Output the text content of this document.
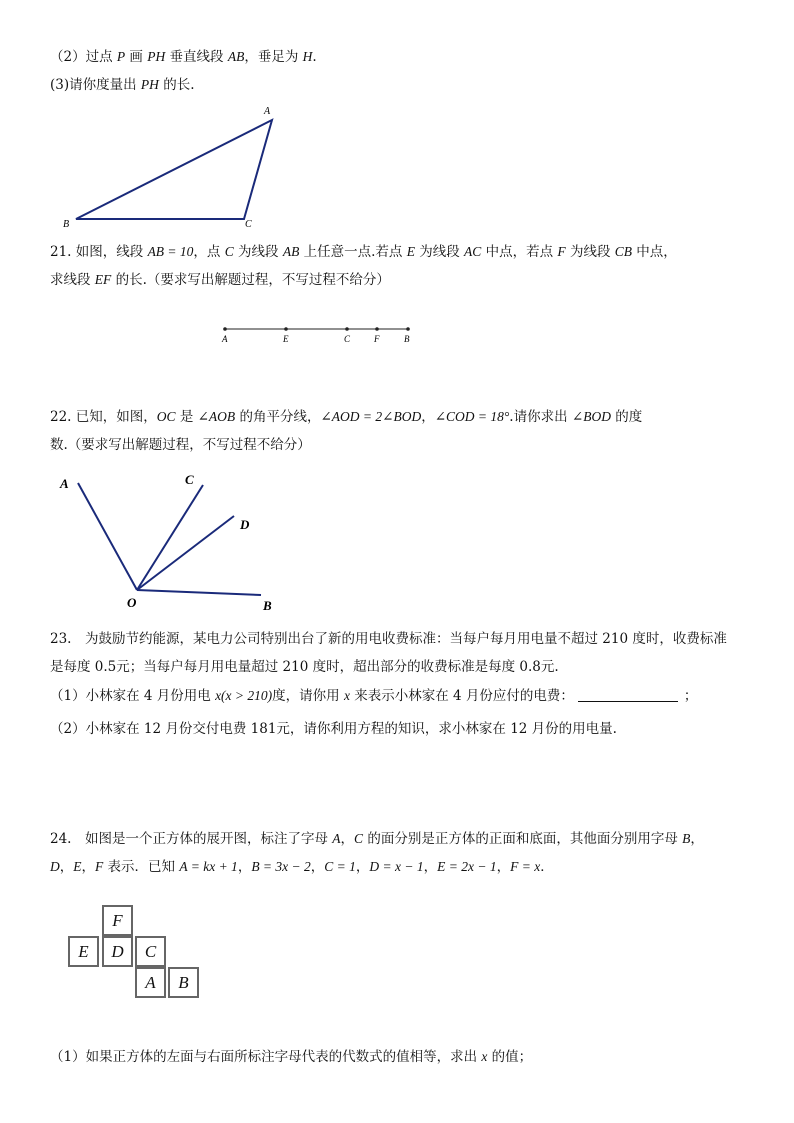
（2）过点 P 画 PH 垂直线段 AB，垂足为 H.
(3)请你度量出 PH 的长.
A
B	C
21. 如图，线段 AB = 10，点 C 为线段 AB 上任意一点.若点 E 为线段 AC 中点，若点 F 为线段 CB 中点，
求线段 EF 的长.（要求写出解题过程，不写过程不给分）
A	E	C	F	B
22. 已知，如图，OC 是 ∠AOB 的角平分线，∠AOD = 2∠BOD，∠COD = 18°.请你求出 ∠BOD 的度
数.（要求写出解题过程，不写过程不给分）
A	C
D
O	B
23.　为鼓励节约能源，某电力公司特别出台了新的用电收费标准：当每户每月用电量不超过 210 度时，收费标准
是每度 0.5元；当每户每月用电量超过 210 度时，超出部分的收费标准是每度 0.8元.
（1）小林家在 4 月份用电 x(x > 210)度，请你用 x 来表示小林家在 4 月份应付的电费：	；
（2）小林家在 12 月份交付电费 181元，请你利用方程的知识，求小林家在 12 月份的用电量.
24.　如图是一个正方体的展开图，标注了字母 A，C 的面分别是正方体的正面和底面，其他面分别用字母 B，
D，E，F 表示．已知 A = kx + 1，B = 3x − 2，C = 1，D = x − 1，E = 2x − 1，F = x．
F
E	D	C
A	B
（1）如果正方体的左面与右面所标注字母代表的代数式的值相等，求出 x 的值；
